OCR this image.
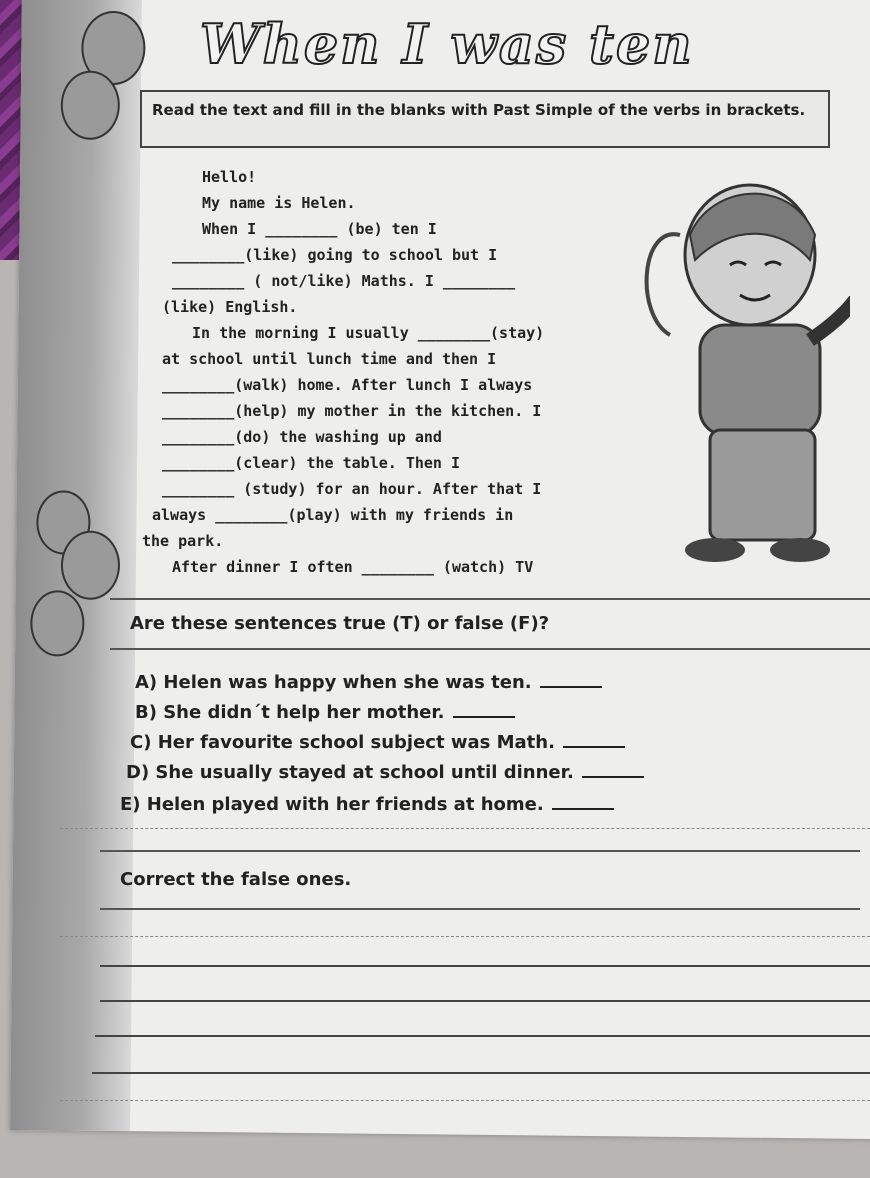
When I was ten
Read the text and fill in the blanks with Past Simple of the verbs in brackets.
Hello!
My name is Helen.
When I ________ (be) ten I
________(like) going to school but I
________ ( not/like) Maths. I ________
(like) English.
In the morning I usually ________(stay)
at school until lunch time and then I
________(walk) home. After lunch I always
________(help) my mother in the kitchen. I
________(do) the washing up and
________(clear) the table. Then I
________ (study) for an hour. After that I
always ________(play) with my friends in
the park.
After dinner I often ________ (watch) TV
Are these sentences true (T) or false (F)?
A) Helen was happy when she was ten.
B) She didn´t help her mother.
C) Her favourite school subject was Math.
D) She usually stayed at school until dinner.
E) Helen played with her friends at home.
Correct the false ones.
